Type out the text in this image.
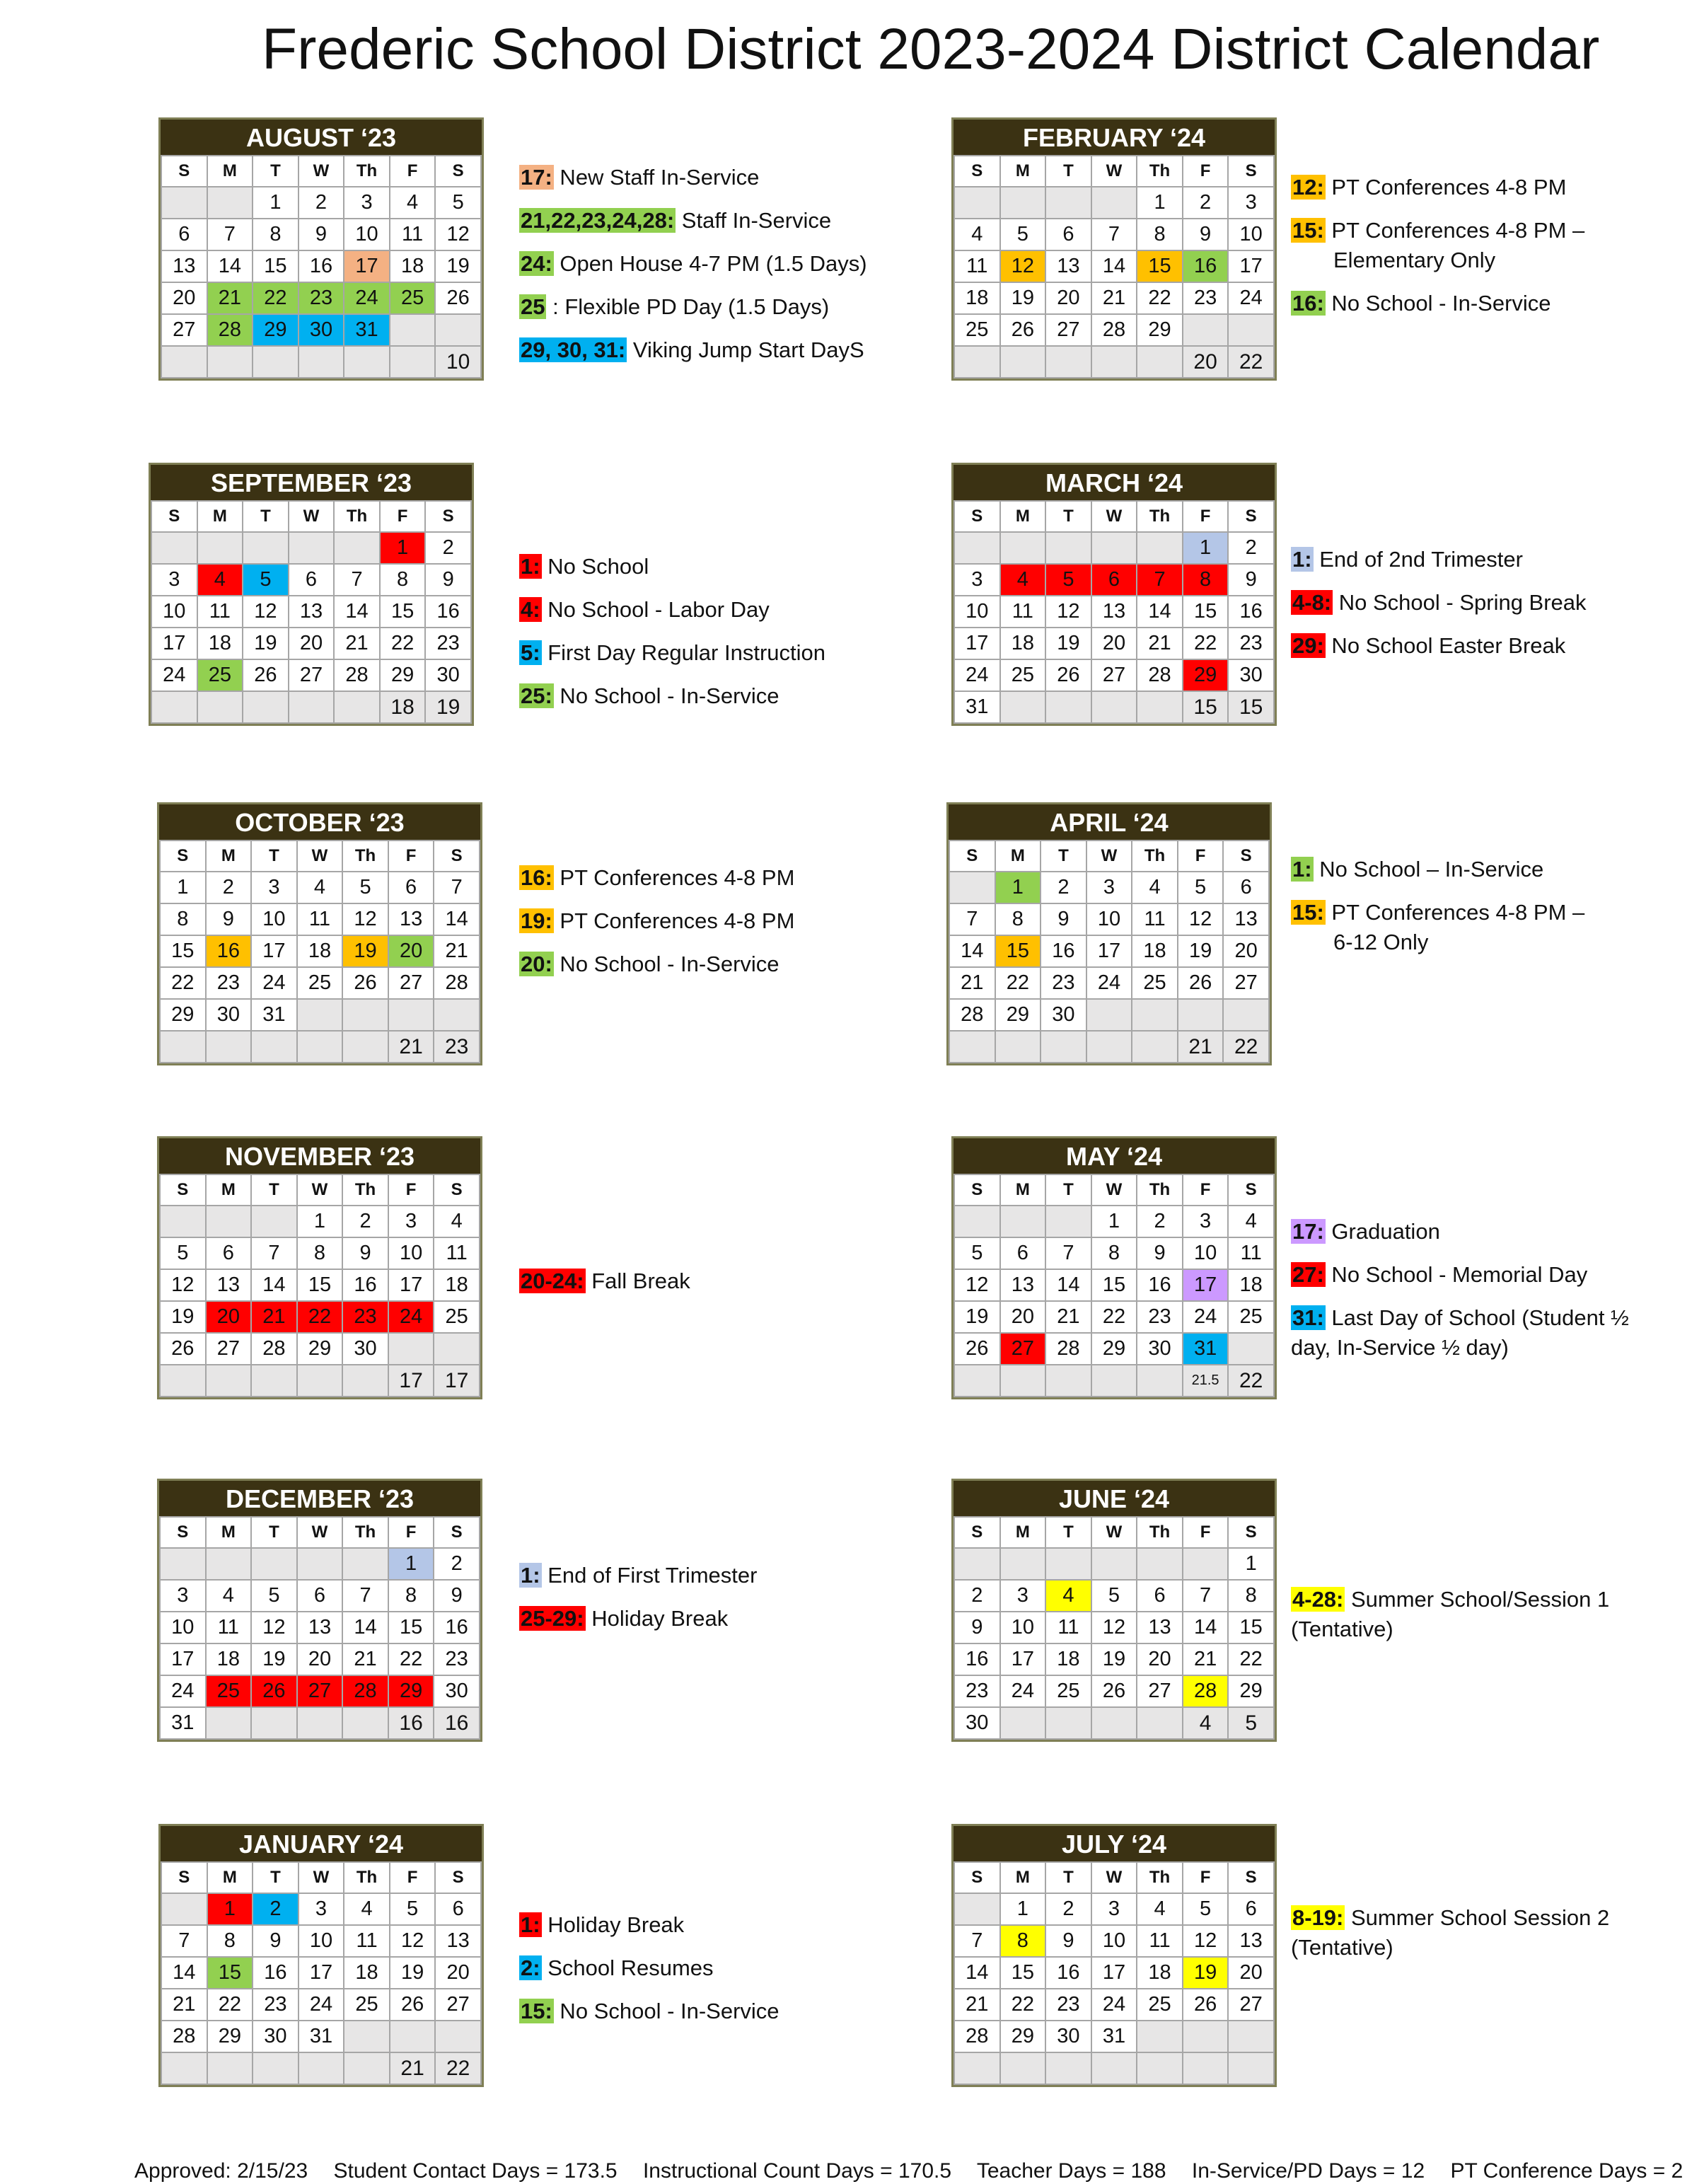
Frederic School District 2023-2024 District Calendar
AUGUST ‘23
S	M	T	W	Th	F	S
		1	2	3	4	5
6	7	8	9	10	11	12
13	14	15	16	17	18	19
20	21	22	23	24	25	26
27	28	29	30	31		
						10
17: New Staff In-Service
21,22,23,24,28: Staff In-Service
24: Open House 4-7 PM (1.5 Days)
25 : Flexible PD Day (1.5 Days)
29, 30, 31: Viking Jump Start DayS
SEPTEMBER ‘23
S	M	T	W	Th	F	S
					1	2
3	4	5	6	7	8	9
10	11	12	13	14	15	16
17	18	19	20	21	22	23
24	25	26	27	28	29	30
					18	19
1: No School
4: No School - Labor Day
5: First Day Regular Instruction
25: No School - In-Service
OCTOBER ‘23
S	M	T	W	Th	F	S
1	2	3	4	5	6	7
8	9	10	11	12	13	14
15	16	17	18	19	20	21
22	23	24	25	26	27	28
29	30	31				
					21	23
16: PT Conferences 4-8 PM
19: PT Conferences 4-8 PM
20: No School - In-Service
NOVEMBER ‘23
S	M	T	W	Th	F	S
			1	2	3	4
5	6	7	8	9	10	11
12	13	14	15	16	17	18
19	20	21	22	23	24	25
26	27	28	29	30		
					17	17
20-24: Fall Break
DECEMBER ‘23
S	M	T	W	Th	F	S
					1	2
3	4	5	6	7	8	9
10	11	12	13	14	15	16
17	18	19	20	21	22	23
24	25	26	27	28	29	30
31					16	16
1: End of First Trimester
25-29: Holiday Break
JANUARY ‘24
S	M	T	W	Th	F	S
	1	2	3	4	5	6
7	8	9	10	11	12	13
14	15	16	17	18	19	20
21	22	23	24	25	26	27
28	29	30	31			
					21	22
1: Holiday Break
2: School Resumes
15: No School - In-Service
FEBRUARY ‘24
S	M	T	W	Th	F	S
				1	2	3
4	5	6	7	8	9	10
11	12	13	14	15	16	17
18	19	20	21	22	23	24
25	26	27	28	29		
					20	22
12: PT Conferences 4-8 PM
15: PT Conferences 4-8 PM –
Elementary Only
16: No School - In-Service
MARCH ‘24
S	M	T	W	Th	F	S
					1	2
3	4	5	6	7	8	9
10	11	12	13	14	15	16
17	18	19	20	21	22	23
24	25	26	27	28	29	30
31					15	15
1: End of 2nd Trimester
4-8: No School - Spring Break
29: No School Easter Break
APRIL ‘24
S	M	T	W	Th	F	S
	1	2	3	4	5	6
7	8	9	10	11	12	13
14	15	16	17	18	19	20
21	22	23	24	25	26	27
28	29	30				
					21	22
1: No School – In-Service
15: PT Conferences 4-8 PM –
6-12 Only
MAY ‘24
S	M	T	W	Th	F	S
			1	2	3	4
5	6	7	8	9	10	11
12	13	14	15	16	17	18
19	20	21	22	23	24	25
26	27	28	29	30	31	
					21.5	22
17: Graduation
27: No School - Memorial Day
31: Last Day of School (Student ½
day, In-Service ½ day)
JUNE ‘24
S	M	T	W	Th	F	S
						1
2	3	4	5	6	7	8
9	10	11	12	13	14	15
16	17	18	19	20	21	22
23	24	25	26	27	28	29
30					4	5
4-28: Summer School/Session 1
(Tentative)
JULY ‘24
S	M	T	W	Th	F	S
	1	2	3	4	5	6
7	8	9	10	11	12	13
14	15	16	17	18	19	20
21	22	23	24	25	26	27
28	29	30	31			

8-19: Summer School Session 2
(Tentative)
Approved: 2/15/23 Student Contact Days = 173.5 Instructional Count Days = 170.5 Teacher Days = 188 In-Service/PD Days = 12 PT Conference Days = 2
